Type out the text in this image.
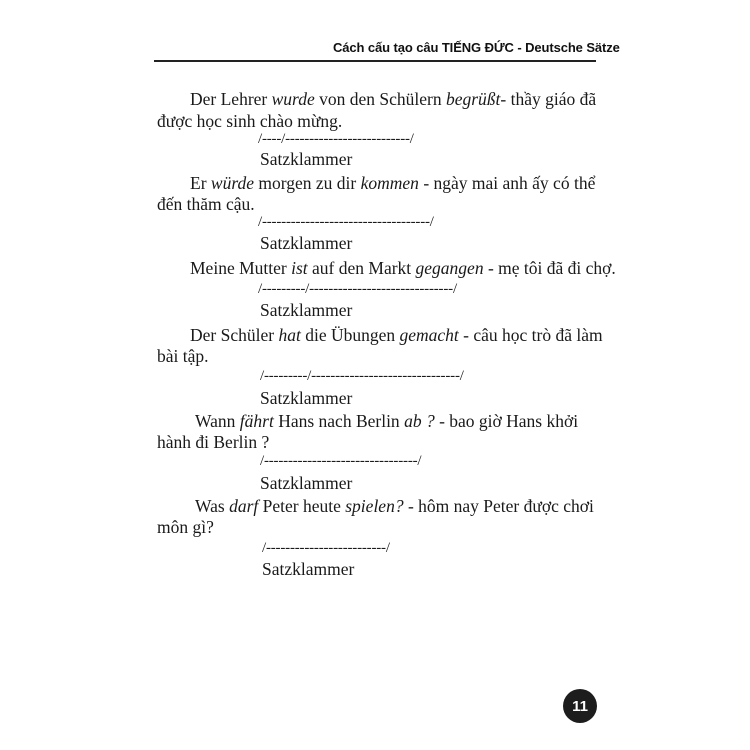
Cách cấu tạo câu TIẾNG ĐỨC - Deutsche Sätze
Der Lehrer wurde von den Schülern begrüßt- thầy giáo đã
được học sinh chào mừng.
/----/--------------------------/
Satzklammer
Er würde morgen zu dir kommen - ngày mai anh ấy có thể
đến thăm cậu.
/-----------------------------------/
Satzklammer
Meine Mutter ist auf den Markt gegangen - mẹ tôi đã đi chợ.
/---------/------------------------------/
Satzklammer
Der Schüler hat die Übungen gemacht - câu học trò đã làm
bài tập.
/---------/-------------------------------/
Satzklammer
Wann fährt Hans nach Berlin ab ? - bao giờ Hans khởi
hành đi Berlin ?
/--------------------------------/
Satzklammer
Was darf Peter heute spielen? - hôm nay Peter được chơi
môn gì?
/-------------------------/
Satzklammer
11
